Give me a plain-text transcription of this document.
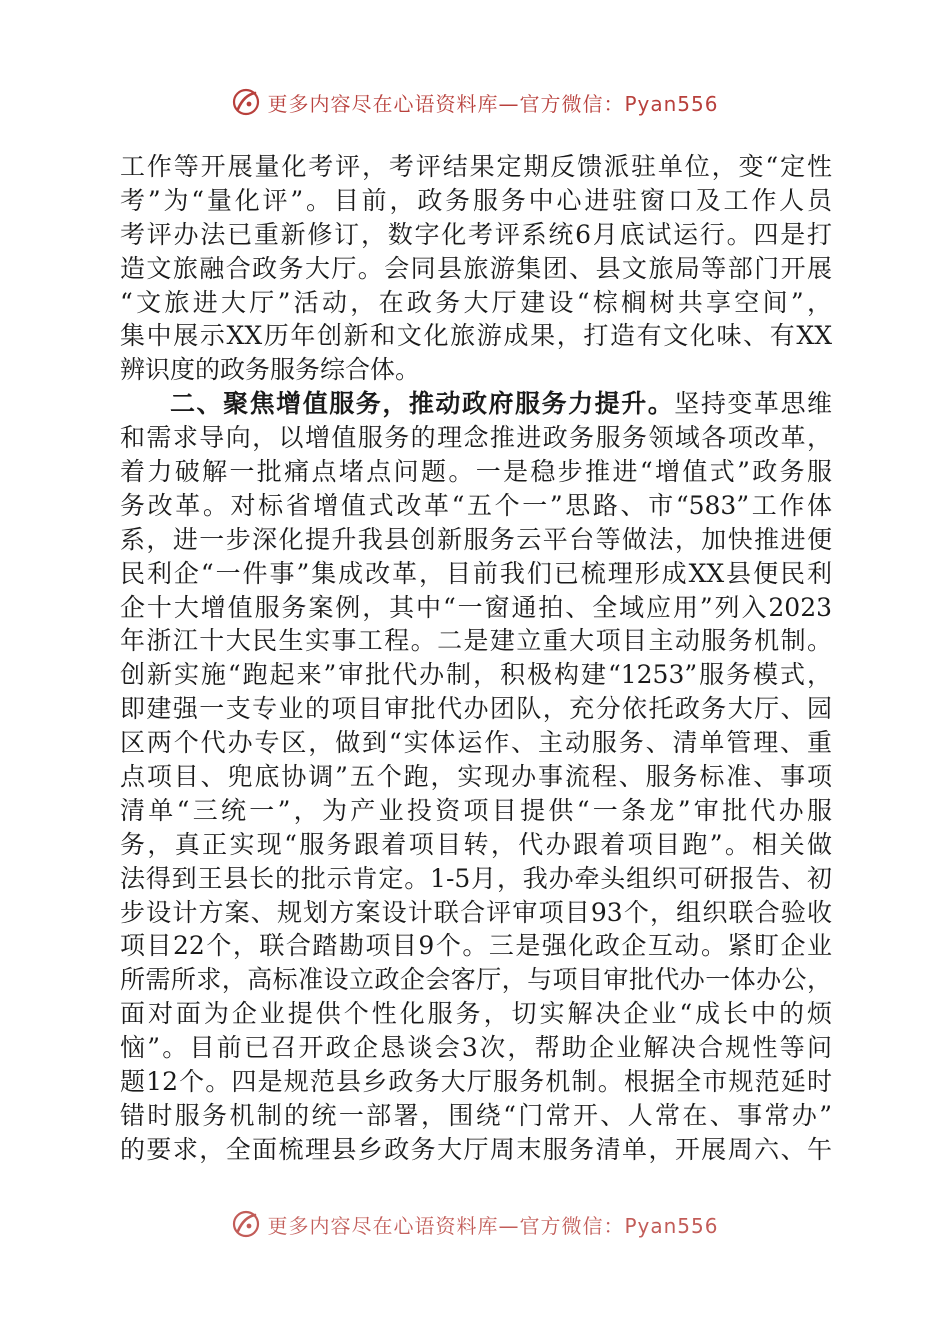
更多内容尽在心语资料库—官方微信：Pyan556
工作等开展量化考评，考评结果定期反馈派驻单位，变“定性
考”为“量化评”。目前，政务服务中心进驻窗口及工作人员
考评办法已重新修订，数字化考评系统6月底试运行。四是打
造文旅融合政务大厅。会同县旅游集团、县文旅局等部门开展
“文旅进大厅”活动，在政务大厅建设“棕榈树共享空间”，
集中展示XX历年创新和文化旅游成果，打造有文化味、有XX
辨识度的政务服务综合体。
二、聚焦增值服务，推动政府服务力提升。坚持变革思维
和需求导向，以增值服务的理念推进政务服务领域各项改革，
着力破解一批痛点堵点问题。一是稳步推进“增值式”政务服
务改革。对标省增值式改革“五个一”思路、市“583”工作体
系，进一步深化提升我县创新服务云平台等做法，加快推进便
民利企“一件事”集成改革，目前我们已梳理形成XX县便民利
企十大增值服务案例，其中“一窗通拍、全域应用”列入2023
年浙江十大民生实事工程。二是建立重大项目主动服务机制。
创新实施“跑起来”审批代办制，积极构建“1253”服务模式，
即建强一支专业的项目审批代办团队，充分依托政务大厅、园
区两个代办专区，做到“实体运作、主动服务、清单管理、重
点项目、兜底协调”五个跑，实现办事流程、服务标准、事项
清单“三统一”，为产业投资项目提供“一条龙”审批代办服
务，真正实现“服务跟着项目转，代办跟着项目跑”。相关做
法得到王县长的批示肯定。1-5月，我办牵头组织可研报告、初
步设计方案、规划方案设计联合评审项目93个，组织联合验收
项目22个，联合踏勘项目9个。三是强化政企互动。紧盯企业
所需所求，高标准设立政企会客厅，与项目审批代办一体办公，
面对面为企业提供个性化服务，切实解决企业“成长中的烦
恼”。目前已召开政企恳谈会3次，帮助企业解决合规性等问
题12个。四是规范县乡政务大厅服务机制。根据全市规范延时
错时服务机制的统一部署，围绕“门常开、人常在、事常办”
的要求，全面梳理县乡政务大厅周末服务清单，开展周六、午
更多内容尽在心语资料库—官方微信：Pyan556
